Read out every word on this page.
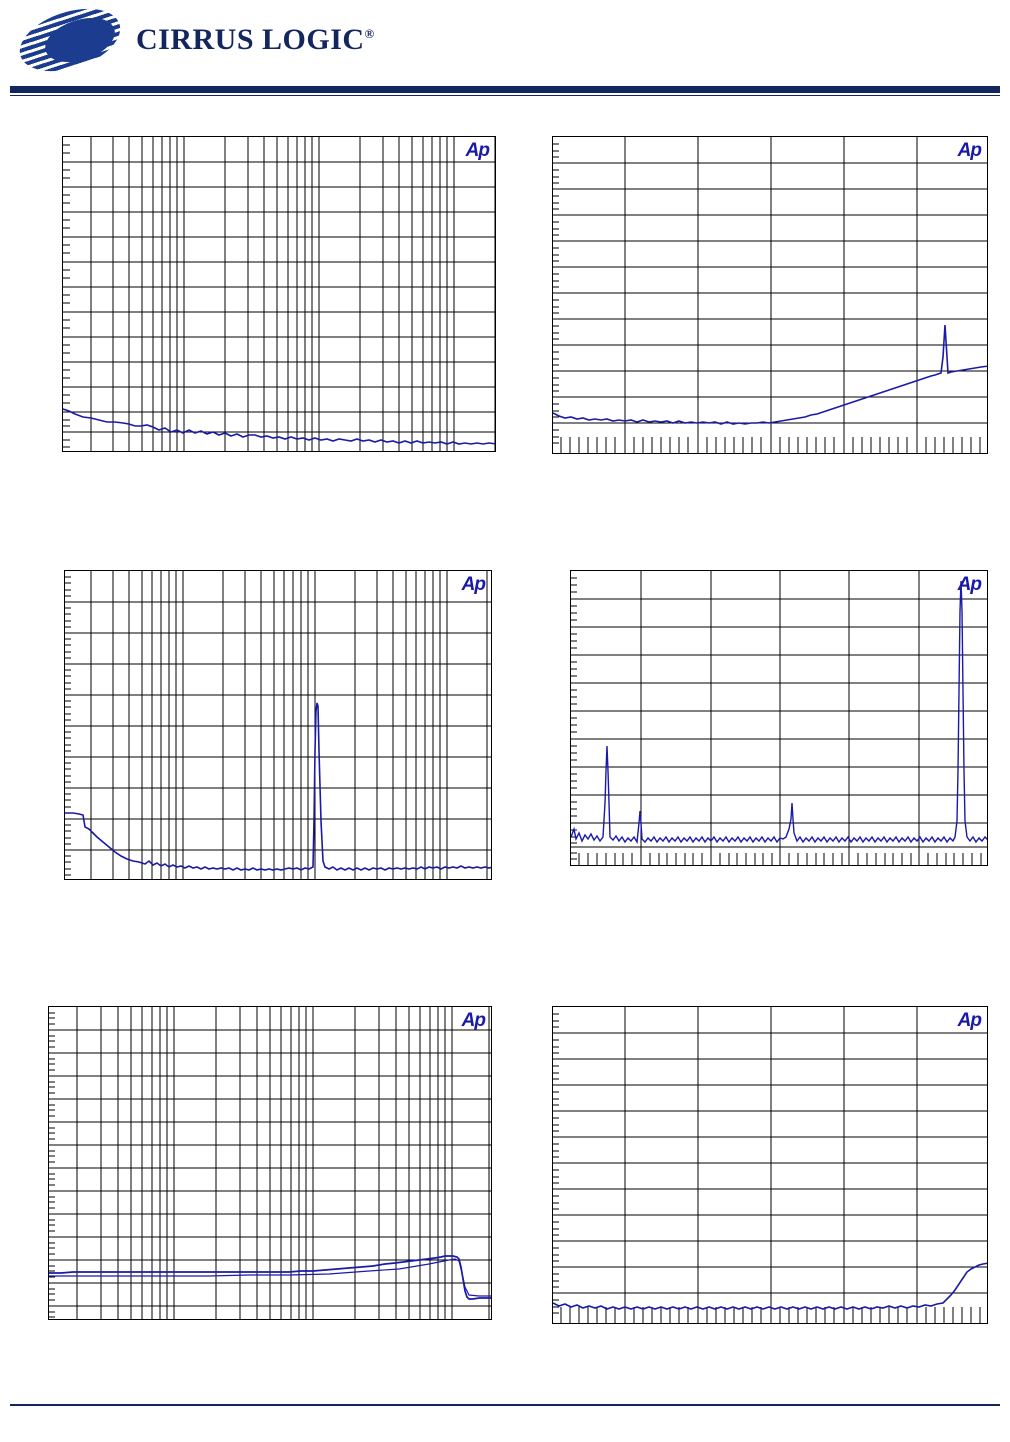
CIRRUS LOGIC®
Ap	Ap
Ap	Ap
Ap	Ap
